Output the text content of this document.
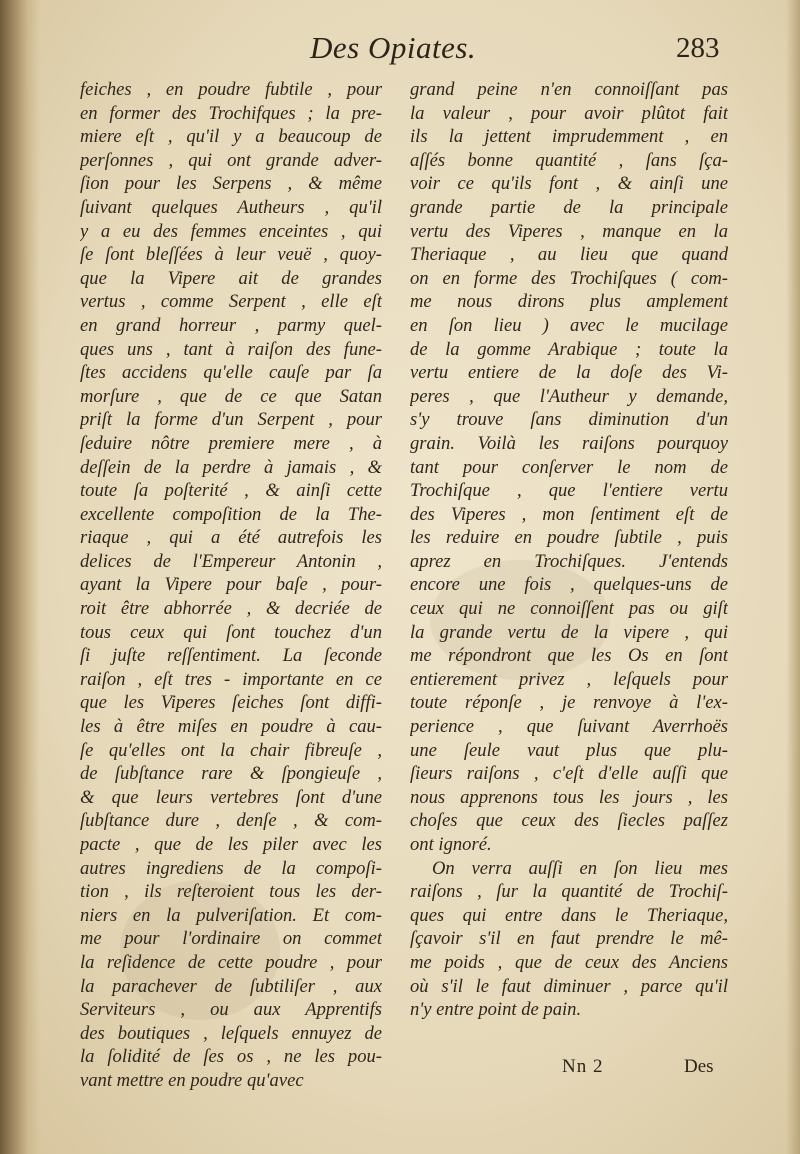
Des Opiates.	283
feiches , en poudre fubtile , pour
en former des Trochifques ; la pre-
miere eſt , qu'il y a beaucoup de
perſonnes , qui ont grande adver-
ſion pour les Serpens , & même
ſuivant quelques Autheurs , qu'il
y a eu des femmes enceintes , qui
ſe ſont bleſſées à leur veuë , quoy-
que la Vipere ait de grandes
vertus , comme Serpent , elle eſt
en grand horreur , parmy quel-
ques uns , tant à raiſon des fune-
ſtes accidens qu'elle cauſe par ſa
morſure , que de ce que Satan
priſt la forme d'un Serpent , pour
ſeduire nôtre premiere mere , à
deſſein de la perdre à jamais , &
toute ſa poſterité , & ainſi cette
excellente compoſition de la The-
riaque , qui a été autrefois les
delices de l'Empereur Antonin ,
ayant la Vipere pour baſe , pour-
roit être abhorrée , & decriée de
tous ceux qui ſont touchez d'un
ſi juſte reſſentiment. La ſeconde
raiſon , eſt tres - importante en ce
que les Viperes ſeiches ſont diffi-
les à être miſes en poudre à cau-
ſe qu'elles ont la chair fibreuſe ,
de ſubſtance rare & ſpongieuſe ,
& que leurs vertebres ſont d'une
ſubſtance dure , denſe , & com-
pacte , que de les piler avec les
autres ingrediens de la compoſi-
tion , ils reſteroient tous les der-
niers en la pulveriſation. Et com-
me pour l'ordinaire on commet
la reſidence de cette poudre , pour
la parachever de ſubtiliſer , aux
Serviteurs , ou aux Apprentifs
des boutiques , leſquels ennuyez de
la ſolidité de ſes os , ne les pou-
vant mettre en poudre qu'avec
grand peine n'en connoiſſant pas
la valeur , pour avoir plûtot fait
ils la jettent imprudemment , en
aſſés bonne quantité , ſans ſça-
voir ce qu'ils font , & ainſi une
grande partie de la principale
vertu des Viperes , manque en la
Theriaque , au lieu que quand
on en forme des Trochiſques ( com-
me nous dirons plus amplement
en ſon lieu ) avec le mucilage
de la gomme Arabique ; toute la
vertu entiere de la doſe des Vi-
peres , que l'Autheur y demande,
s'y trouve ſans diminution d'un
grain. Voilà les raiſons pourquoy
tant pour conſerver le nom de
Trochiſque , que l'entiere vertu
des Viperes , mon ſentiment eſt de
les reduire en poudre ſubtile , puis
aprez en Trochiſques. J'entends
encore une fois , quelques-uns de
ceux qui ne connoiſſent pas ou giſt
la grande vertu de la vipere , qui
me répondront que les Os en ſont
entierement privez , leſquels pour
toute réponſe , je renvoye à l'ex-
perience , que ſuivant Averrhoës
une ſeule vaut plus que plu-
ſieurs raiſons , c'eſt d'elle auſſi que
nous apprenons tous les jours , les
choſes que ceux des ſiecles paſſez
ont ignoré.
On verra auſſi en ſon lieu mes
raiſons , ſur la quantité de Trochiſ-
ques qui entre dans le Theriaque,
ſçavoir s'il en faut prendre le mê-
me poids , que de ceux des Anciens
où s'il le faut diminuer , parce qu'il
n'y entre point de pain.
Nn 2	Des
